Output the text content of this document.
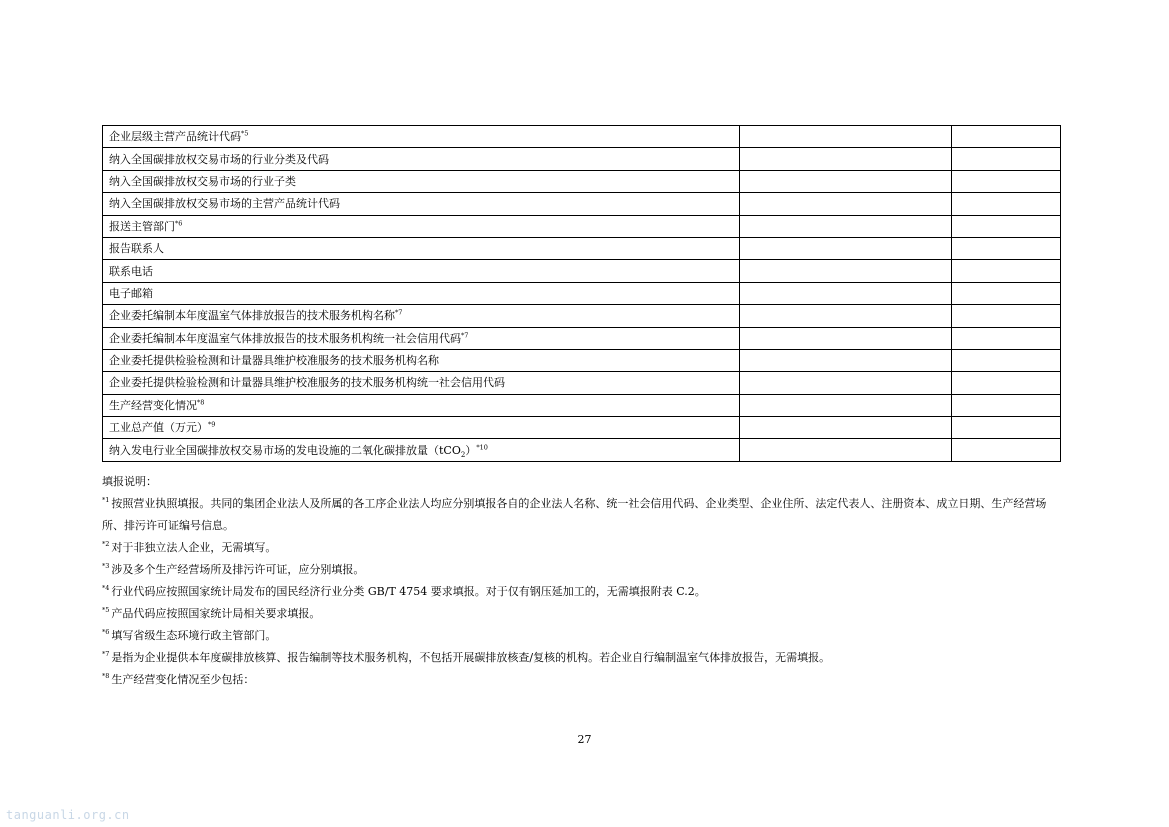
企业层级主营产品统计代码$^{*5}$		
纳入全国碳排放权交易市场的行业分类及代码		
纳入全国碳排放权交易市场的行业子类		
纳入全国碳排放权交易市场的主营产品统计代码		
报送主管部门$^{*6}$		
报告联系人		
联系电话		
电子邮箱		
企业委托编制本年度温室气体排放报告的技术服务机构名称$^{*7}$		
企业委托编制本年度温室气体排放报告的技术服务机构统一社会信用代码$^{*7}$		
企业委托提供检验检测和计量器具维护校准服务的技术服务机构名称		
企业委托提供检验检测和计量器具维护校准服务的技术服务机构统一社会信用代码		
生产经营变化情况$^{*8}$		
工业总产值（万元）$^{*9}$		
纳入发电行业全国碳排放权交易市场的发电设施的二氧化碳排放量（tCO$_2$）$^{*10}$		

填报说明：

$^{*1}$ 按照营业执照填报。共同的集团企业法人及所属的各工序企业法人均应分别填报各自的企业法人名称、统一社会信用代码、企业类型、企业住所、法定代表人、注册资本、成立日期、生产经营场所、排污许可证编号信息。

$^{*2}$ 对于非独立法人企业，无需填写。

$^{*3}$ 涉及多个生产经营场所及排污许可证，应分别填报。

$^{*4}$ 行业代码应按照国家统计局发布的国民经济行业分类 GB/T 4754 要求填报。对于仅有钢压延加工的，无需填报附表 C.2。

$^{*5}$ 产品代码应按照国家统计局相关要求填报。

$^{*6}$ 填写省级生态环境行政主管部门。

$^{*7}$ 是指为企业提供本年度碳排放核算、报告编制等技术服务机构，不包括开展碳排放核查/复核的机构。若企业自行编制温室气体排放报告，无需填报。

$^{*8}$ 生产经营变化情况至少包括：

27
tanguanli.org.cn
